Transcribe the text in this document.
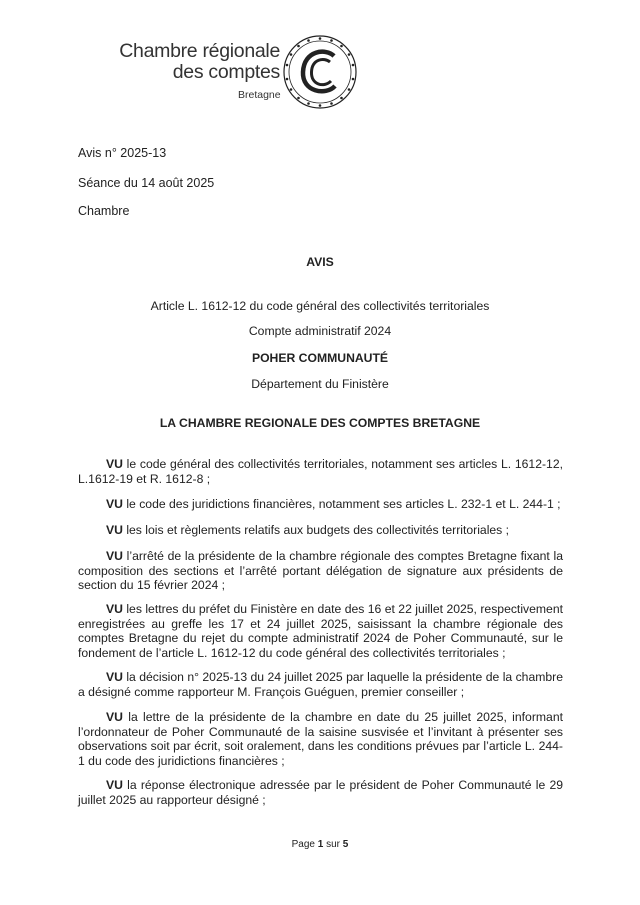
Chambre régionale
des comptes
Bretagne
Avis n° 2025-13
Séance du 14 août 2025
Chambre
AVIS
Article L. 1612-12 du code général des collectivités territoriales
Compte administratif 2024
POHER COMMUNAUTÉ
Département du Finistère
LA CHAMBRE REGIONALE DES COMPTES BRETAGNE
VU le code général des collectivités territoriales, notamment ses articles L. 1612-12, L.1612-19 et R. 1612-8 ;
VU le code des juridictions financières, notamment ses articles L. 232-1 et L. 244-1 ;
VU les lois et règlements relatifs aux budgets des collectivités territoriales ;
VU l’arrêté de la présidente de la chambre régionale des comptes Bretagne fixant la composition des sections et l’arrêté portant délégation de signature aux présidents de section du 15 février 2024 ;
VU les lettres du préfet du Finistère en date des 16 et 22 juillet 2025, respectivement enregistrées au greffe les 17 et 24 juillet 2025, saisissant la chambre régionale des comptes Bretagne du rejet du compte administratif 2024 de Poher Communauté, sur le fondement de l’article L. 1612-12 du code général des collectivités territoriales ;
VU la décision n° 2025-13 du 24 juillet 2025 par laquelle la présidente de la chambre a désigné comme rapporteur M. François Guéguen, premier conseiller ;
VU la lettre de la présidente de la chambre en date du 25 juillet 2025, informant l’ordonnateur de Poher Communauté de la saisine susvisée et l’invitant à présenter ses observations soit par écrit, soit oralement, dans les conditions prévues par l’article L. 244-1 du code des juridictions financières ;
VU la réponse électronique adressée par le président de Poher Communauté le 29 juillet 2025 au rapporteur désigné ;
Page 1 sur 5
